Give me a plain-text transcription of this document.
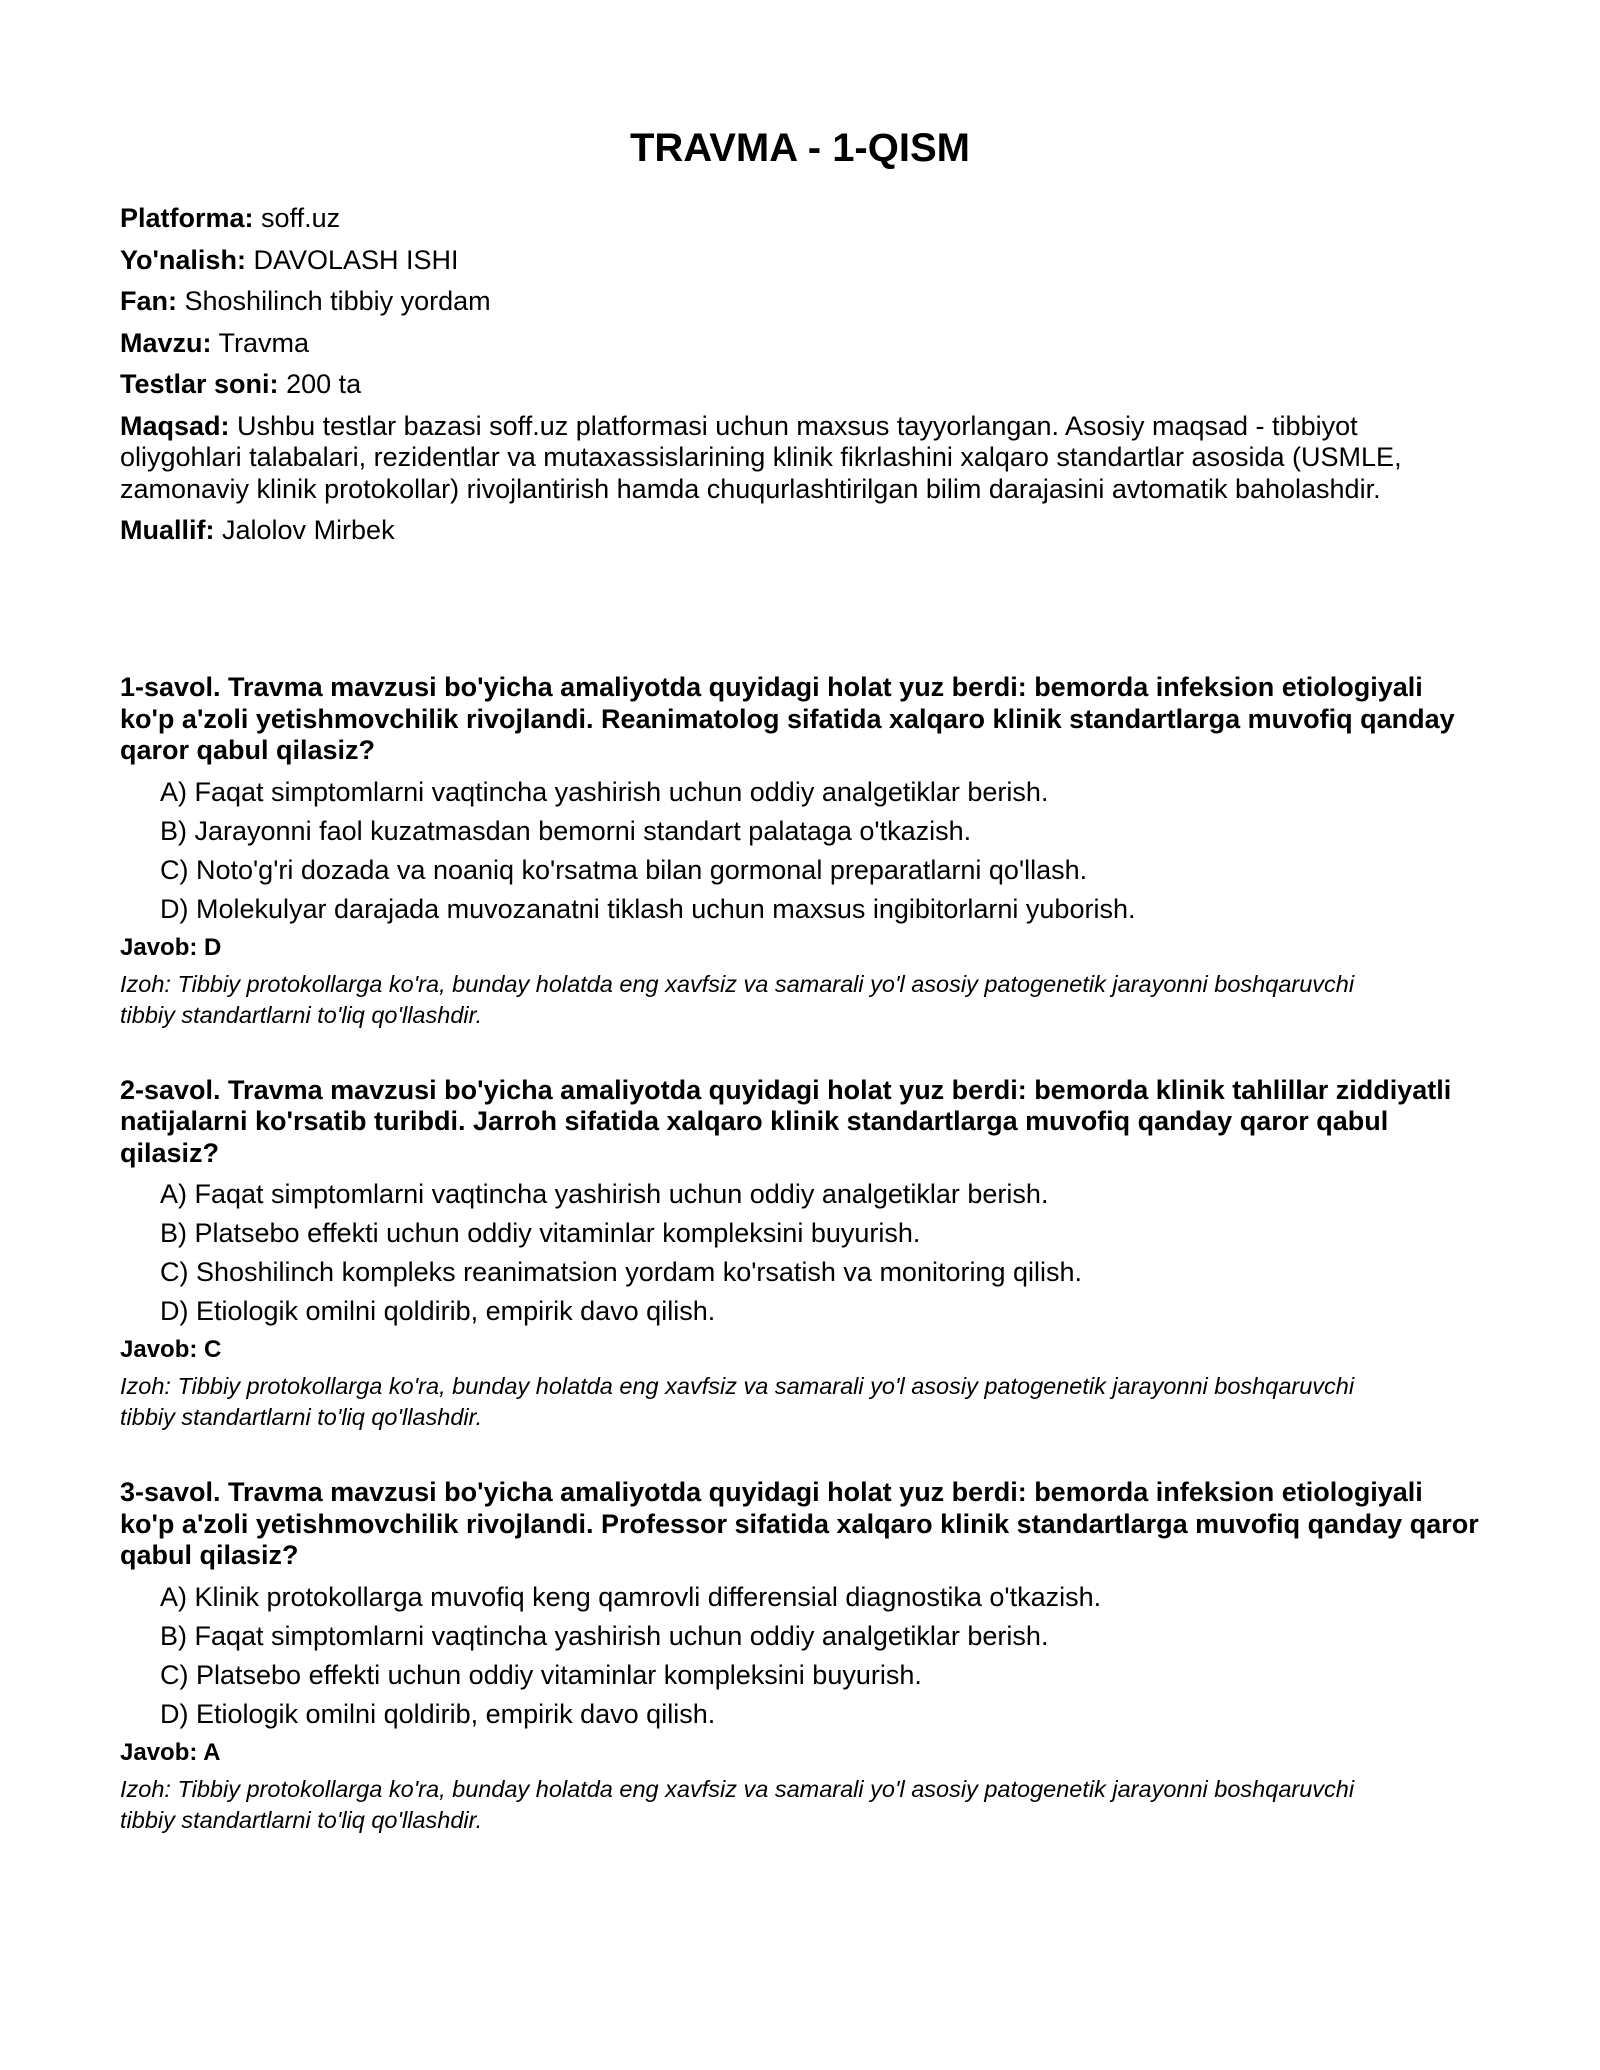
TRAVMA - 1-QISM
Platforma: soff.uz
Yo'nalish: DAVOLASH ISHI
Fan: Shoshilinch tibbiy yordam
Mavzu: Travma
Testlar soni: 200 ta
Maqsad: Ushbu testlar bazasi soff.uz platformasi uchun maxsus tayyorlangan. Asosiy maqsad - tibbiyot oliygohlari talabalari, rezidentlar va mutaxassislarining klinik fikrlashini xalqaro standartlar asosida (USMLE, zamonaviy klinik protokollar) rivojlantirish hamda chuqurlashtirilgan bilim darajasini avtomatik baholashdir.
Muallif: Jalolov Mirbek

1-savol. Travma mavzusi bo'yicha amaliyotda quyidagi holat yuz berdi: bemorda infeksion etiologiyali ko'p a'zoli yetishmovchilik rivojlandi. Reanimatolog sifatida xalqaro klinik standartlarga muvofiq qanday qaror qabul qilasiz?

A) Faqat simptomlarni vaqtincha yashirish uchun oddiy analgetiklar berish.
B) Jarayonni faol kuzatmasdan bemorni standart palataga o'tkazish.
C) Noto'g'ri dozada va noaniq ko'rsatma bilan gormonal preparatlarni qo'llash.
D) Molekulyar darajada muvozanatni tiklash uchun maxsus ingibitorlarni yuborish.
Javob: D
Izoh: Tibbiy protokollarga ko'ra, bunday holatda eng xavfsiz va samarali yo'l asosiy patogenetik jarayonni boshqaruvchi tibbiy standartlarni to'liq qo'llashdir.

2-savol. Travma mavzusi bo'yicha amaliyotda quyidagi holat yuz berdi: bemorda klinik tahlillar ziddiyatli natijalarni ko'rsatib turibdi. Jarroh sifatida xalqaro klinik standartlarga muvofiq qanday qaror qabul qilasiz?

A) Faqat simptomlarni vaqtincha yashirish uchun oddiy analgetiklar berish.
B) Platsebo effekti uchun oddiy vitaminlar kompleksini buyurish.
C) Shoshilinch kompleks reanimatsion yordam ko'rsatish va monitoring qilish.
D) Etiologik omilni qoldirib, empirik davo qilish.
Javob: C
Izoh: Tibbiy protokollarga ko'ra, bunday holatda eng xavfsiz va samarali yo'l asosiy patogenetik jarayonni boshqaruvchi tibbiy standartlarni to'liq qo'llashdir.

3-savol. Travma mavzusi bo'yicha amaliyotda quyidagi holat yuz berdi: bemorda infeksion etiologiyali ko'p a'zoli yetishmovchilik rivojlandi. Professor sifatida xalqaro klinik standartlarga muvofiq qanday qaror qabul qilasiz?

A) Klinik protokollarga muvofiq keng qamrovli differensial diagnostika o'tkazish.
B) Faqat simptomlarni vaqtincha yashirish uchun oddiy analgetiklar berish.
C) Platsebo effekti uchun oddiy vitaminlar kompleksini buyurish.
D) Etiologik omilni qoldirib, empirik davo qilish.
Javob: A
Izoh: Tibbiy protokollarga ko'ra, bunday holatda eng xavfsiz va samarali yo'l asosiy patogenetik jarayonni boshqaruvchi tibbiy standartlarni to'liq qo'llashdir.
